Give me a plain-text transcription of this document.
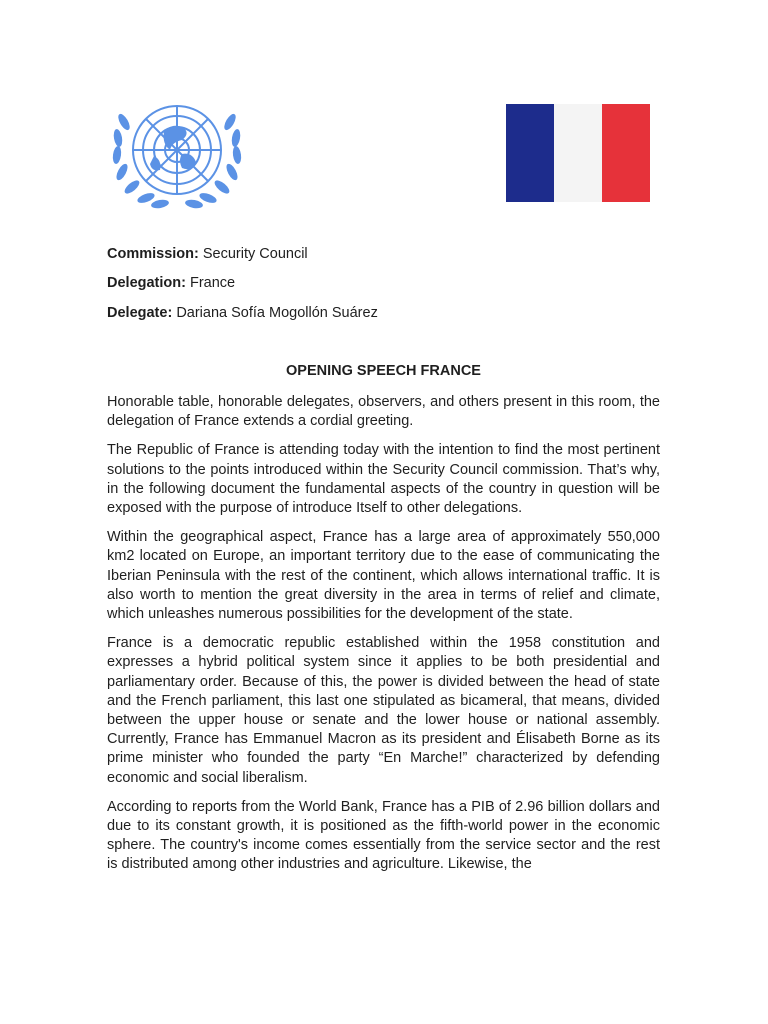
Commission: Security Council
Delegation: France
Delegate: Dariana Sofía Mogollón Suárez
OPENING SPEECH FRANCE

Honorable table, honorable delegates, observers, and others present in this room, the delegation of France extends a cordial greeting.

The Republic of France is attending today with the intention to find the most pertinent solutions to the points introduced within the Security Council commission. That’s why, in the following document the fundamental aspects of the country in question will be exposed with the purpose of introduce Itself to other delegations.

Within the geographical aspect, France has a large area of approximately 550,000 km2 located on Europe, an important territory due to the ease of communicating the Iberian Peninsula with the rest of the continent, which allows international traffic. It is also worth to mention the great diversity in the area in terms of relief and climate, which unleashes numerous possibilities for the development of the state.

France is a democratic republic established within the 1958 constitution and expresses a hybrid political system since it applies to be both presidential and parliamentary order. Because of this, the power is divided between the head of state and the French parliament, this last one stipulated as bicameral, that means, divided between the upper house or senate and the lower house or national assembly. Currently, France has Emmanuel Macron as its president and Élisabeth Borne as its prime minister who founded the party “En Marche!” characterized by defending economic and social liberalism.

According to reports from the World Bank, France has a PIB of 2.96 billion dollars and due to its constant growth, it is positioned as the fifth-world power in the economic sphere. The country's income comes essentially from the service sector and the rest is distributed among other industries and agriculture. Likewise, the
